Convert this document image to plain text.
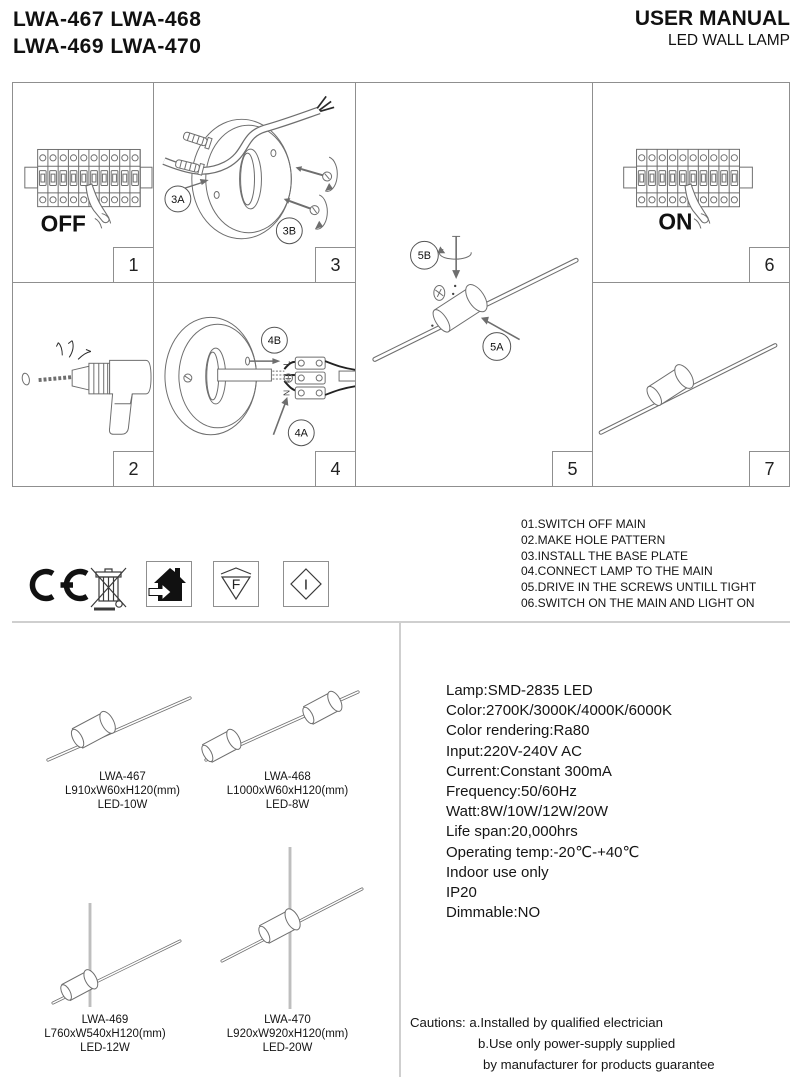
LWA-467 LWA-468
LWA-469 LWA-470
USER MANUAL
LED WALL LAMP
OFF
1
3A
3B
3	5B
5A
5
ON
6
2
4B
4A
L
N
4	7
F	I
01.SWITCH OFF MAIN
02.MAKE HOLE PATTERN
03.INSTALL THE BASE PLATE
04.CONNECT LAMP TO THE MAIN
05.DRIVE IN THE SCREWS UNTILL TIGHT
06.SWITCH ON THE MAIN AND LIGHT ON
LWA-467
L910xW60xH120(mm)
LED-10W
LWA-468
L1000xW60xH120(mm)
LED-8W
LWA-469
L760xW540xH120(mm)
LED-12W
LWA-470
L920xW920xH120(mm)
LED-20W
Lamp:SMD-2835 LED
Color:2700K/3000K/4000K/6000K
Color rendering:Ra80
Input:220V-240V AC
Current:Constant 300mA
Frequency:50/60Hz
Watt:8W/10W/12W/20W
Life span:20,000hrs
Operating temp:-20℃-+40℃
Indoor use only
IP20
Dimmable:NO
Cautions: a.Installed by qualified electrician
b.Use only power-supply supplied
by manufacturer for products guarantee
